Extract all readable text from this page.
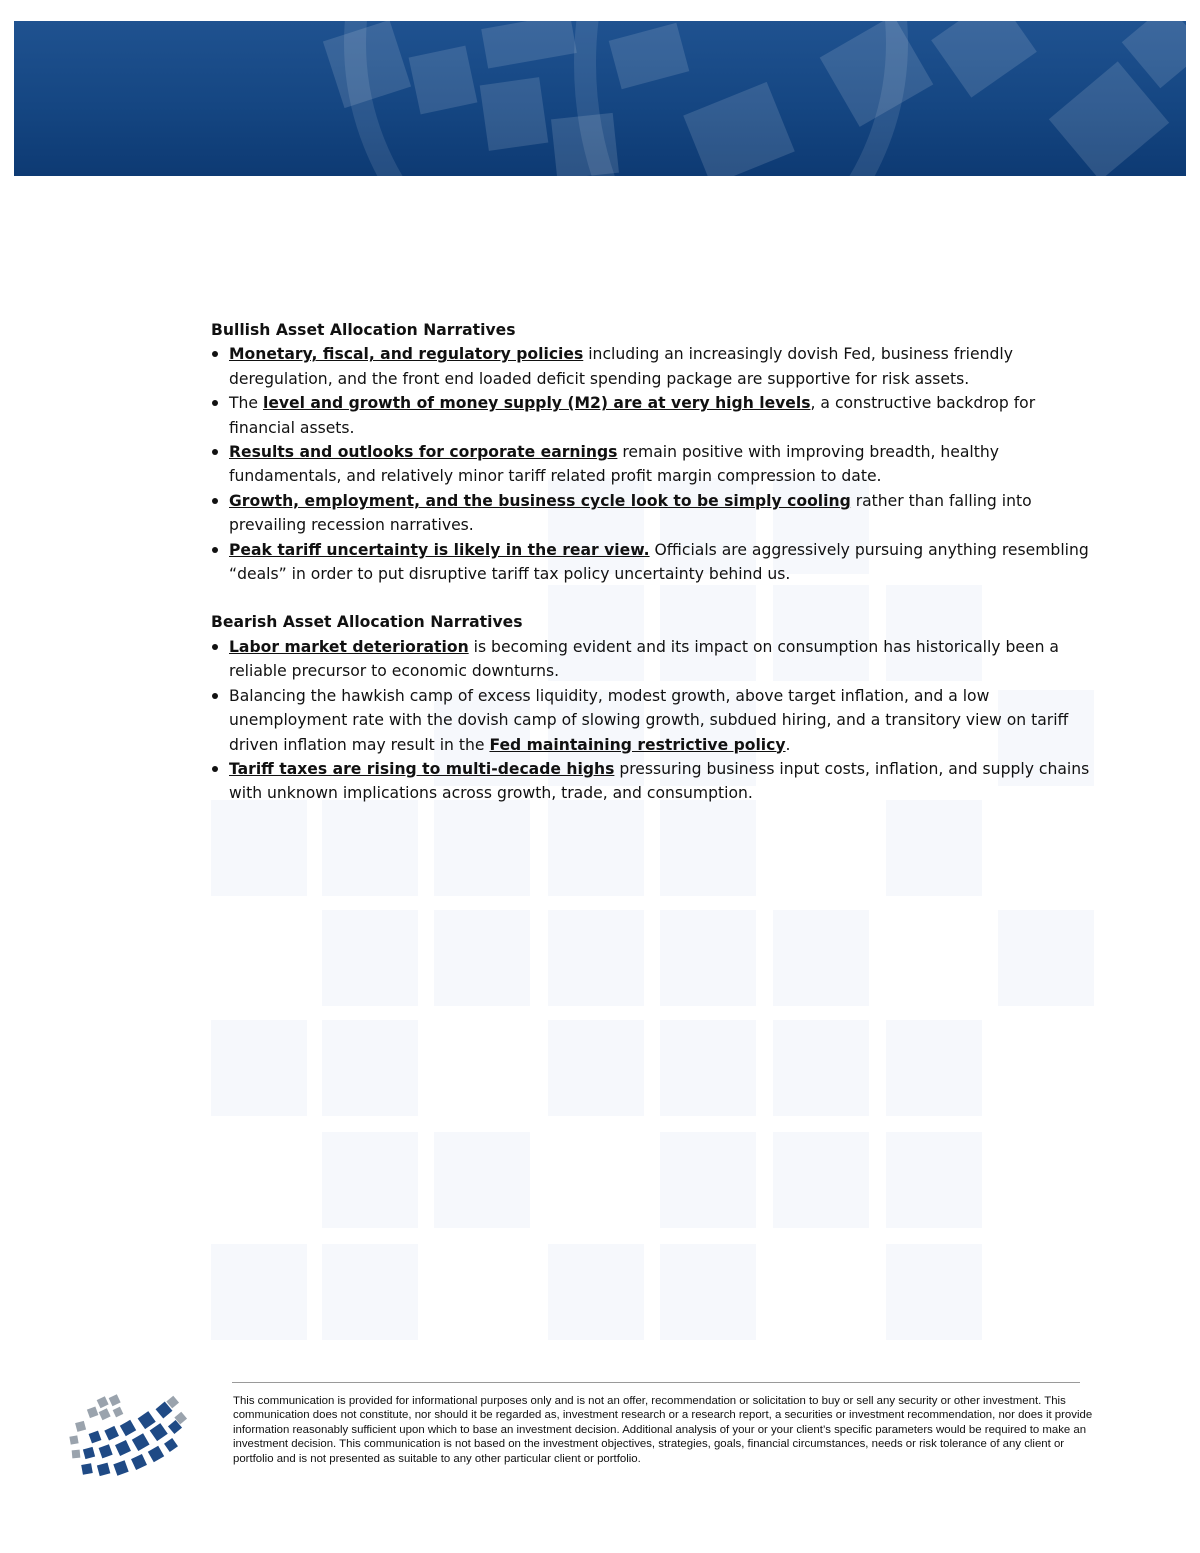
Bullish Asset Allocation Narratives

Monetary, fiscal, and regulatory policies including an increasingly dovish Fed, business friendly deregulation, and the front end loaded deficit spending package are supportive for risk assets.
The level and growth of money supply (M2) are at very high levels, a constructive backdrop for financial assets.
Results and outlooks for corporate earnings remain positive with improving breadth, healthy fundamentals, and relatively minor tariff related profit margin compression to date.
Growth, employment, and the business cycle look to be simply cooling rather than falling into prevailing recession narratives.
Peak tariff uncertainty is likely in the rear view. Officials are aggressively pursuing anything resembling “deals” in order to put disruptive tariff tax policy uncertainty behind us.

Bearish Asset Allocation Narratives

Labor market deterioration is becoming evident and its impact on consumption has historically been a reliable precursor to economic downturns.
Balancing the hawkish camp of excess liquidity, modest growth, above target inflation, and a low unemployment rate with the dovish camp of slowing growth, subdued hiring, and a transitory view on tariff driven inflation may result in the Fed maintaining restrictive policy.
Tariff taxes are rising to multi-decade highs pressuring business input costs, inflation, and supply chains with unknown implications across growth, trade, and consumption.
This communication is provided for informational purposes only and is not an offer, recommendation or solicitation to buy or sell any security or other investment. This communication does not constitute, nor should it be regarded as, investment research or a research report, a securities or investment recommendation, nor does it provide information reasonably sufficient upon which to base an investment decision. Additional analysis of your or your client’s specific parameters would be required to make an investment decision. This communication is not based on the investment objectives, strategies, goals, financial circumstances, needs or risk tolerance of any client or portfolio and is not presented as suitable to any other particular client or portfolio.
